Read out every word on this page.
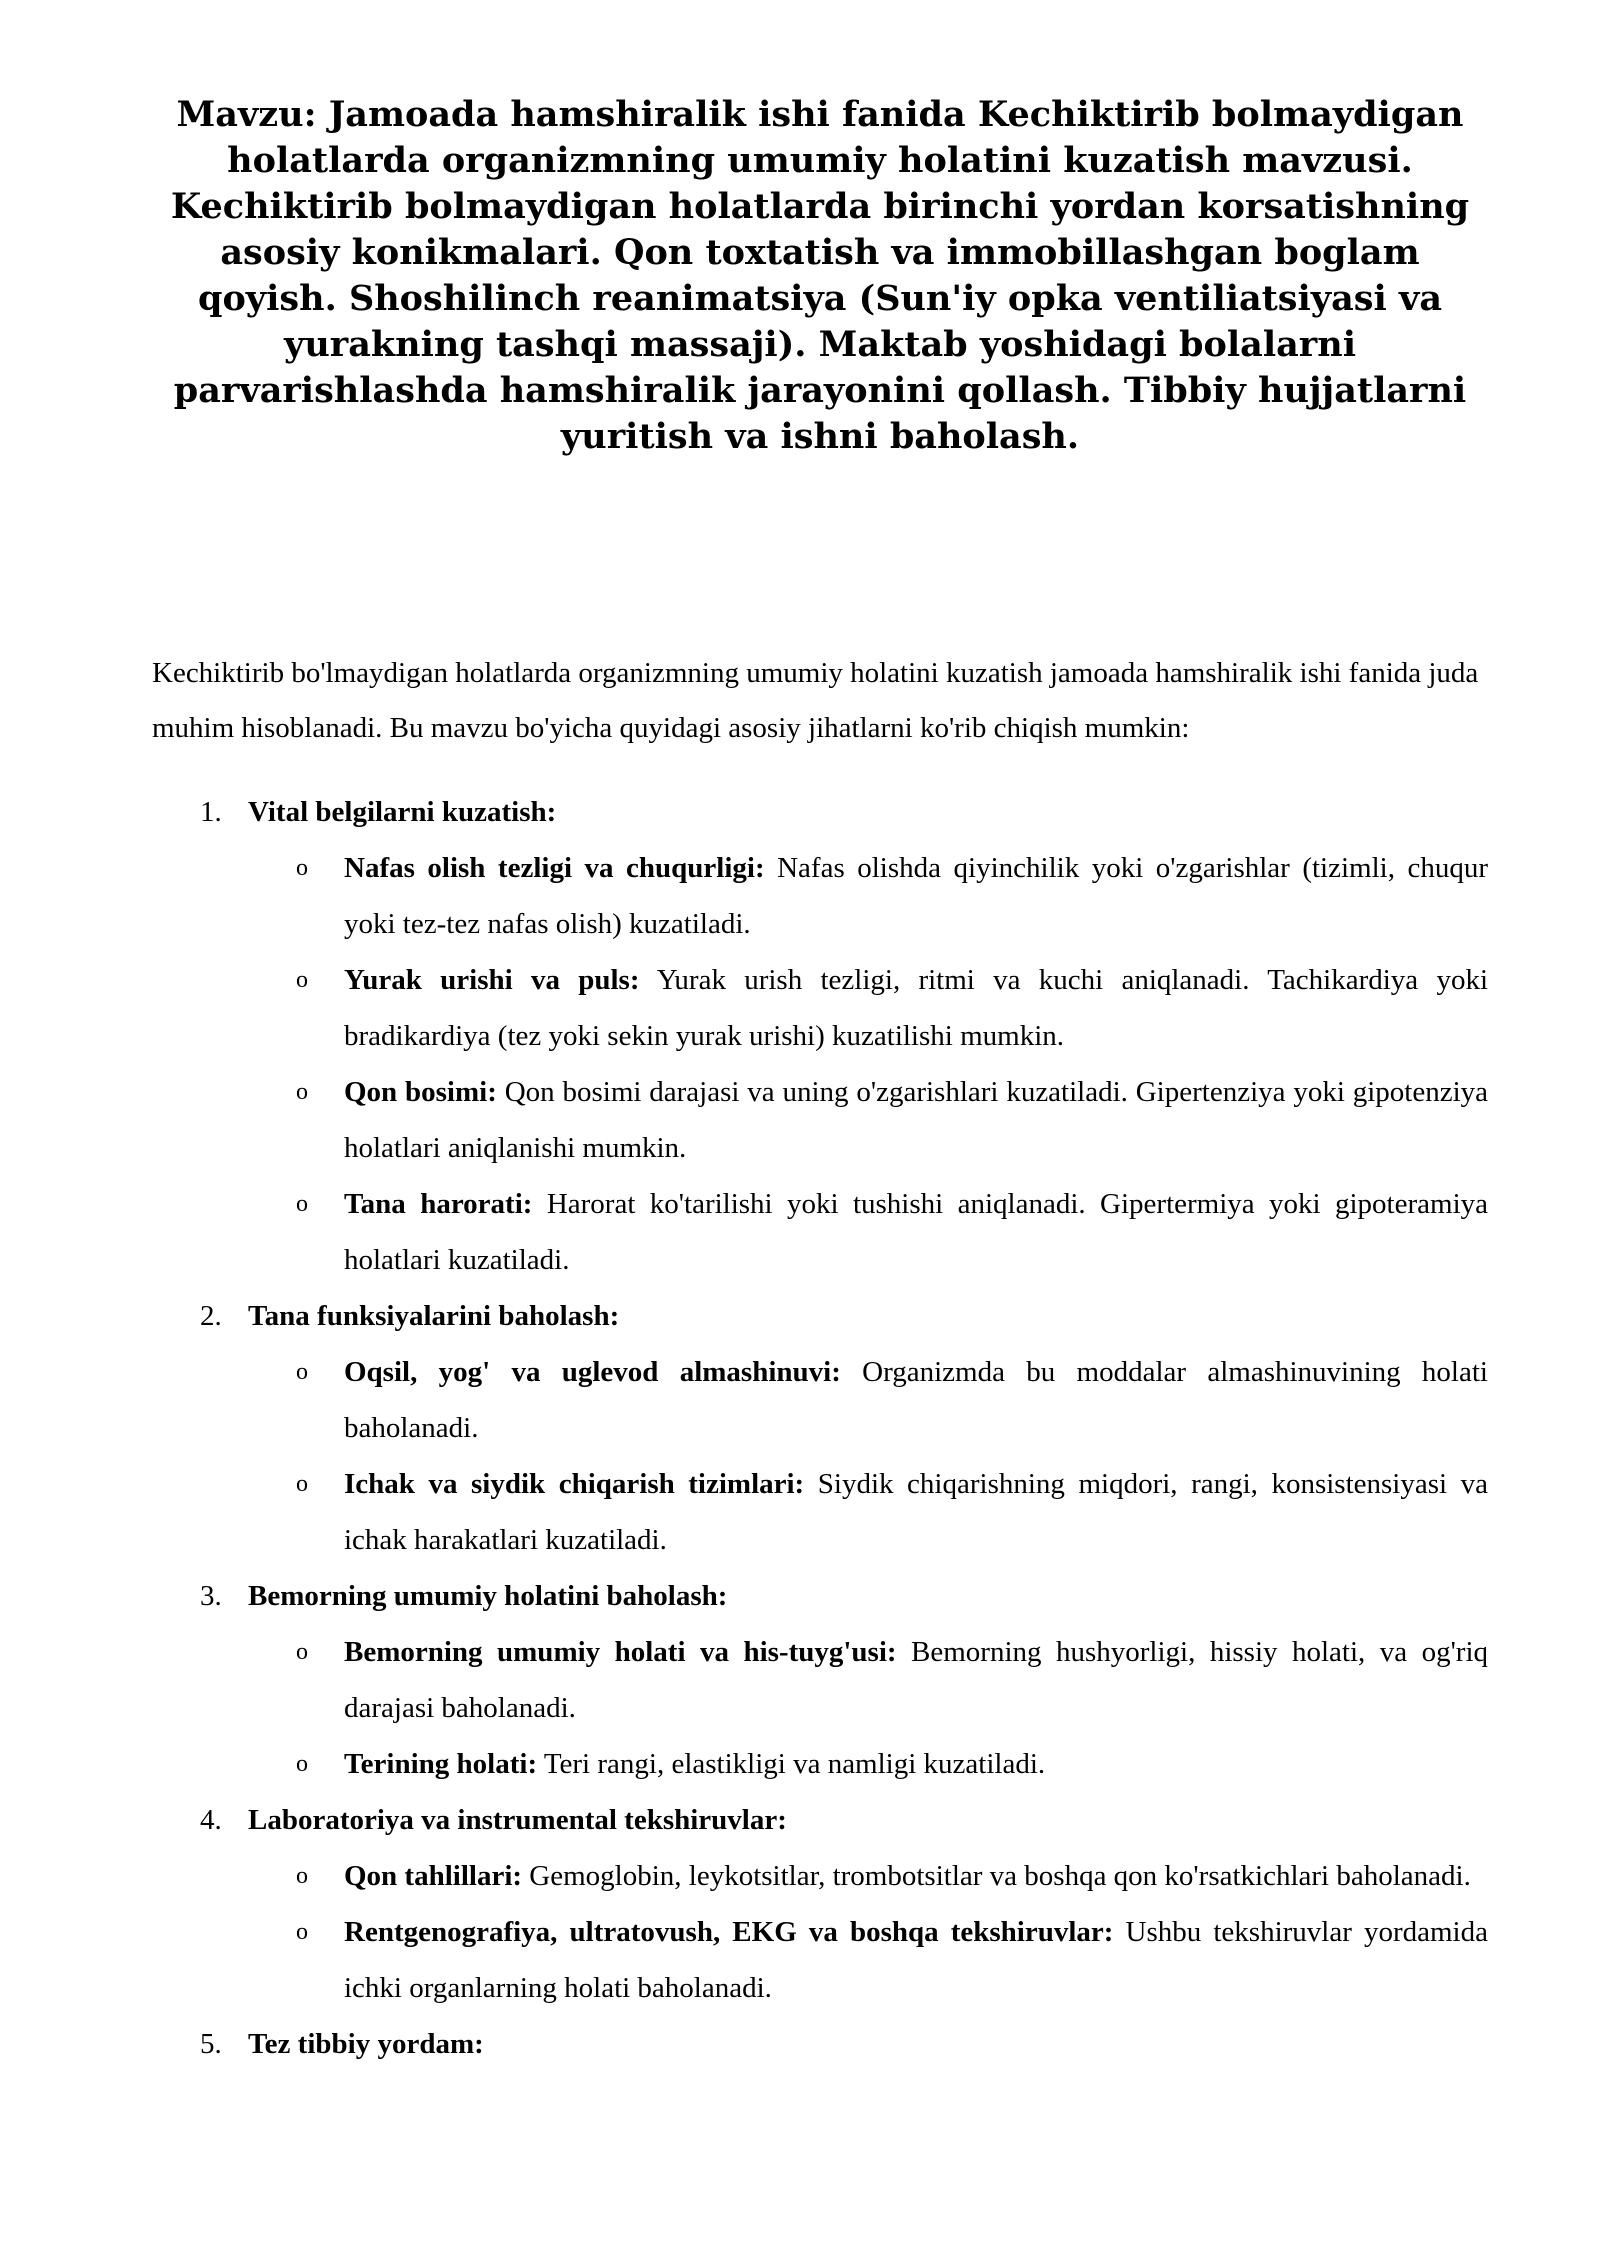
Mavzu: Jamoada hamshiralik ishi fanida Kechiktirib bolmaydigan holatlarda organizmning umumiy holatini kuzatish mavzusi. Kechiktirib bolmaydigan holatlarda birinchi yordan korsatishning asosiy konikmalari. Qon toxtatish va immobillashgan boglam qoyish. Shoshilinch reanimatsiya (Sun'iy opka ventiliatsiyasi va yurakning tashqi massaji). Maktab yoshidagi bolalarni parvarishlashda hamshiralik jarayonini qollash. Tibbiy hujjatlarni yuritish va ishni baholash.
Kechiktirib bo'lmaydigan holatlarda organizmning umumiy holatini kuzatish jamoada hamshiralik ishi fanida juda muhim hisoblanadi. Bu mavzu bo'yicha quyidagi asosiy jihatlarni ko'rib chiqish mumkin:
1. Vital belgilarni kuzatish:
o Nafas olish tezligi va chuqurligi: Nafas olishda qiyinchilik yoki o'zgarishlar (tizimli, chuqur yoki tez-tez nafas olish) kuzatiladi.
o Yurak urishi va puls: Yurak urish tezligi, ritmi va kuchi aniqlanadi. Tachikardiya yoki bradikardiya (tez yoki sekin yurak urishi) kuzatilishi mumkin.
o Qon bosimi: Qon bosimi darajasi va uning o'zgarishlari kuzatiladi. Gipertenziya yoki gipotenziya holatlari aniqlanishi mumkin.
o Tana harorati: Harorat ko'tarilishi yoki tushishi aniqlanadi. Gipertermiya yoki gipoteramiya holatlari kuzatiladi.
2. Tana funksiyalarini baholash:
o Oqsil, yog' va uglevod almashinuvi: Organizmda bu moddalar almashinuvining holati baholanadi.
o Ichak va siydik chiqarish tizimlari: Siydik chiqarishning miqdori, rangi, konsistensiyasi va ichak harakatlari kuzatiladi.
3. Bemorning umumiy holatini baholash:
o Bemorning umumiy holati va his-tuyg'usi: Bemorning hushyorligi, hissiy holati, va og'riq darajasi baholanadi.
o Terining holati: Teri rangi, elastikligi va namligi kuzatiladi.
4. Laboratoriya va instrumental tekshiruvlar:
o Qon tahlillari: Gemoglobin, leykotsitlar, trombotsitlar va boshqa qon ko'rsatkichlari baholanadi.
o Rentgenografiya, ultratovush, EKG va boshqa tekshiruvlar: Ushbu tekshiruvlar yordamida ichki organlarning holati baholanadi.
5. Tez tibbiy yordam:
